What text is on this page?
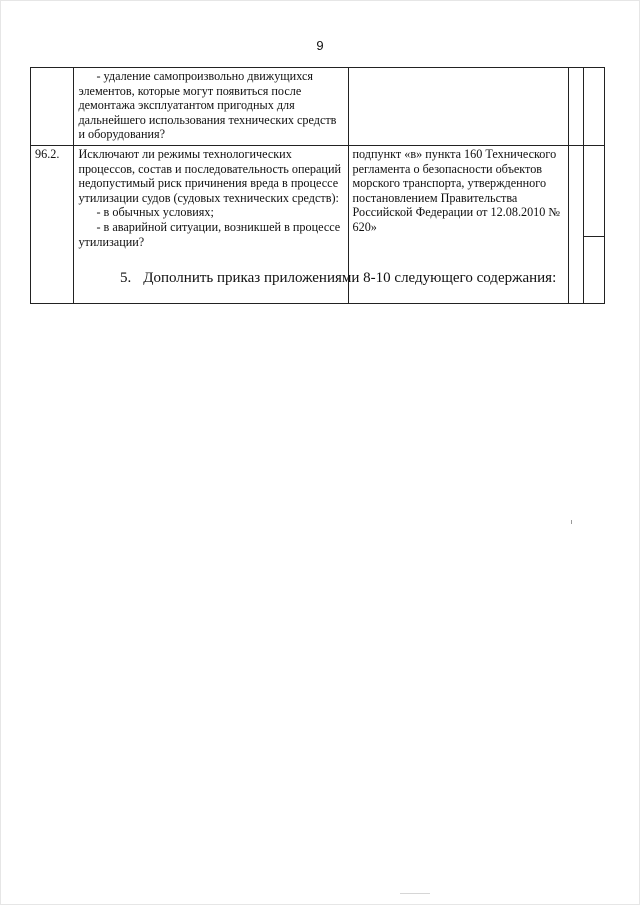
9

	- удаление самопроизвольно движущихся элементов, которые могут появиться после демонтажа эксплуатантом пригодных для дальнейшего использования технических средств и оборудования?			

96.2.	Исключают ли режимы технологических процессов, состав и последовательность операций недопустимый риск причинения вреда в процессе утилизации судов (судовых технических средств):
- в обычных условиях;
- в аварийной ситуации, возникшей в процессе утилизации?	подпункт «в» пункта 160 Технического регламента о безопасности объектов морского транспорта, утвержденного постановлением Правительства Российской Федерации от 12.08.2010 № 620»		
5. Дополнить приказ приложениями 8-10 следующего содержания:
